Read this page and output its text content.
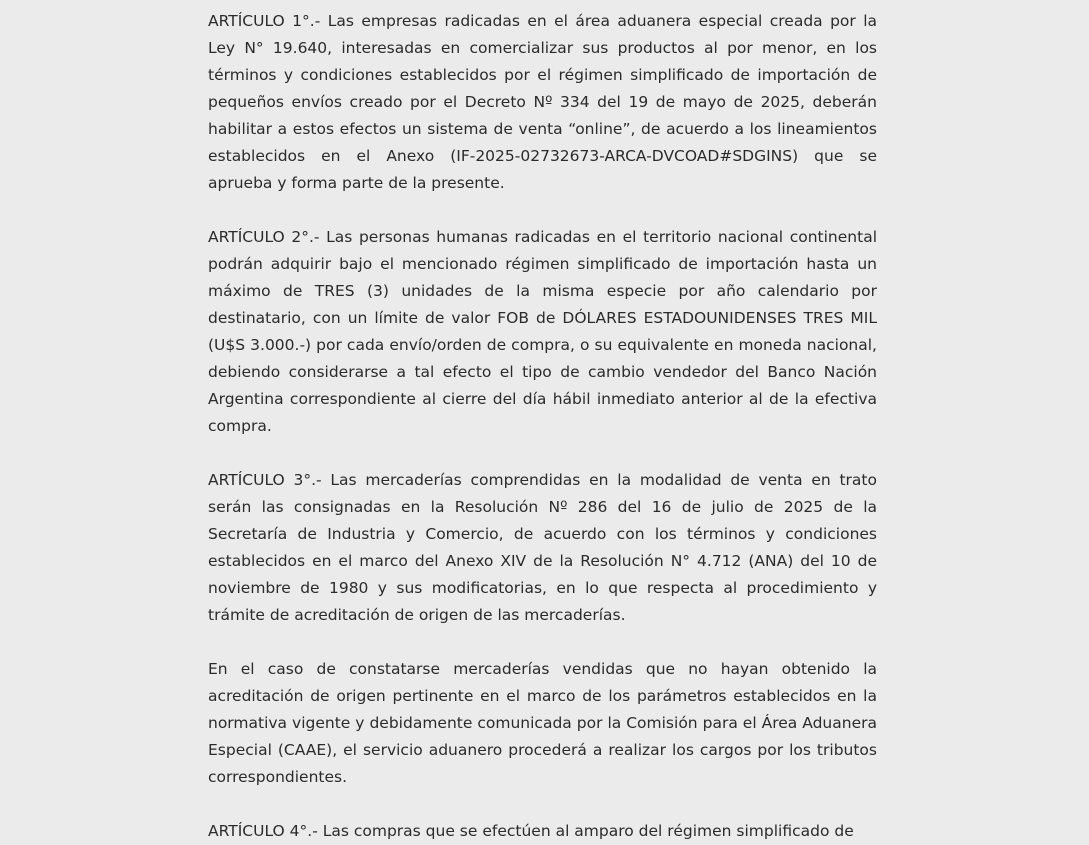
ARTÍCULO 1°.- Las empresas radicadas en el área aduanera especial creada por la Ley N° 19.640, interesadas en comercializar sus productos al por menor, en los términos y condiciones establecidos por el régimen simplificado de importación de pequeños envíos creado por el Decreto Nº 334 del 19 de mayo de 2025, deberán habilitar a estos efectos un sistema de venta “online”, de acuerdo a los lineamientos establecidos en el Anexo (IF-2025-02732673-ARCA-DVCOAD#SDGINS) que se aprueba y forma parte de la presente.

ARTÍCULO 2°.- Las personas humanas radicadas en el territorio nacional continental podrán adquirir bajo el mencionado régimen simplificado de importación hasta un máximo de TRES (3) unidades de la misma especie por año calendario por destinatario, con un límite de valor FOB de DÓLARES ESTADOUNIDENSES TRES MIL (U$S 3.000.-) por cada envío/orden de compra, o su equivalente en moneda nacional, debiendo considerarse a tal efecto el tipo de cambio vendedor del Banco Nación Argentina correspondiente al cierre del día hábil inmediato anterior al de la efectiva compra.

ARTÍCULO 3°.- Las mercaderías comprendidas en la modalidad de venta en trato serán las consignadas en la Resolución Nº 286 del 16 de julio de 2025 de la Secretaría de Industria y Comercio, de acuerdo con los términos y condiciones establecidos en el marco del Anexo XIV de la Resolución N° 4.712 (ANA) del 10 de noviembre de 1980 y sus modificatorias, en lo que respecta al procedimiento y trámite de acreditación de origen de las mercaderías.

En el caso de constatarse mercaderías vendidas que no hayan obtenido la acreditación de origen pertinente en el marco de los parámetros establecidos en la normativa vigente y debidamente comunicada por la Comisión para el Área Aduanera Especial (CAAE), el servicio aduanero procederá a realizar los cargos por los tributos correspondientes.

ARTÍCULO 4°.- Las compras que se efectúen al amparo del régimen simplificado de
